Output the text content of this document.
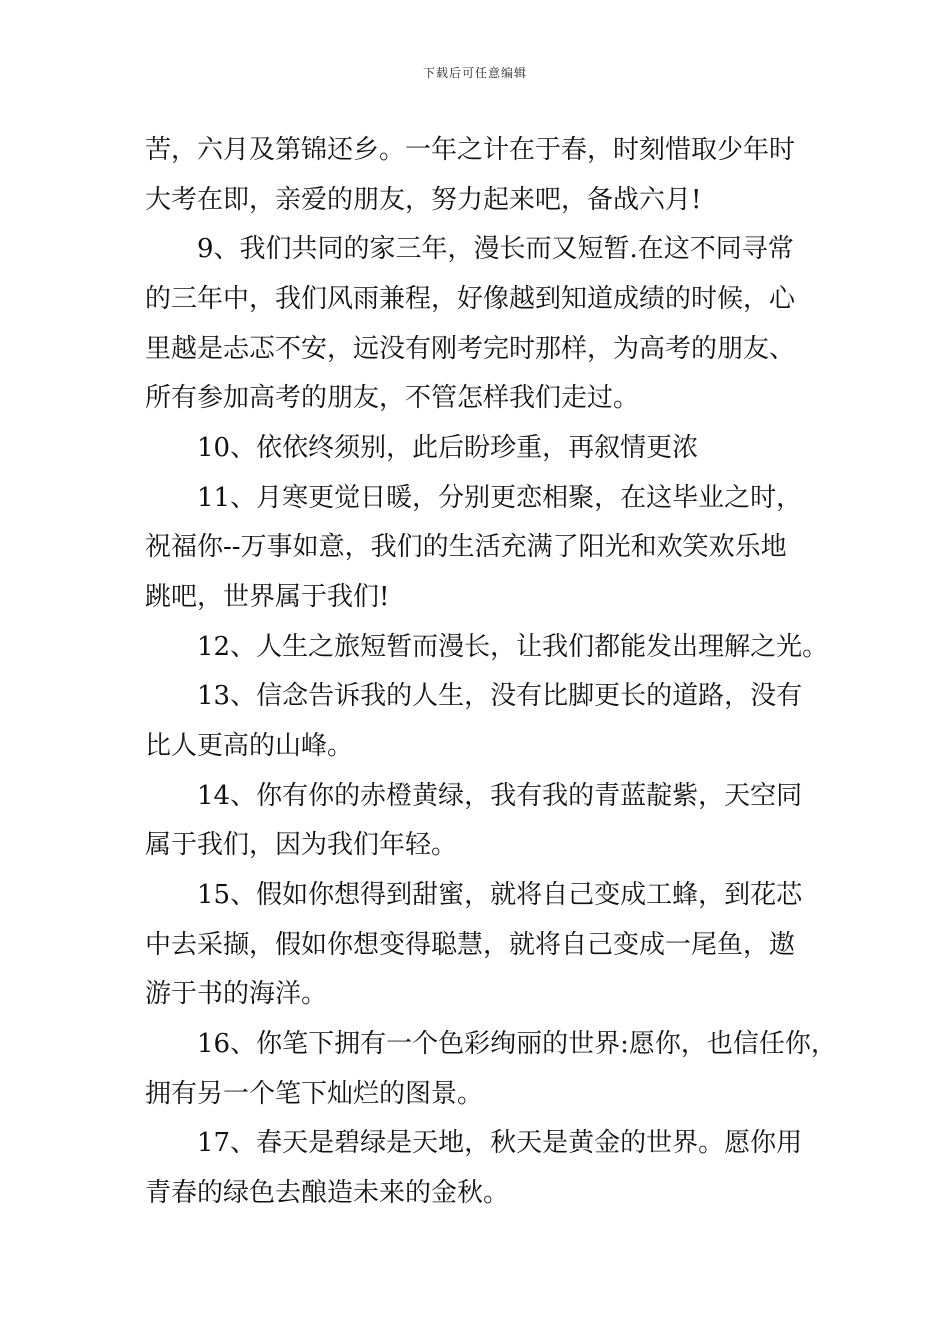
下载后可任意编辑
苦，六月及第锦还乡。一年之计在于春，时刻惜取少年时
大考在即，亲爱的朋友，努力起来吧，备战六月!
9、我们共同的家三年，漫长而又短暂.在这不同寻常
的三年中，我们风雨兼程，好像越到知道成绩的时候，心
里越是忐忑不安，远没有刚考完时那样，为高考的朋友、
所有参加高考的朋友，不管怎样我们走过。
10、依依终须别，此后盼珍重，再叙情更浓
11、月寒更觉日暖，分别更恋相聚，在这毕业之时，
祝福你--万事如意，我们的生活充满了阳光和欢笑欢乐地
跳吧，世界属于我们!
12、人生之旅短暂而漫长，让我们都能发出理解之光。
13、信念告诉我的人生，没有比脚更长的道路，没有
比人更高的山峰。
14、你有你的赤橙黄绿，我有我的青蓝靛紫，天空同
属于我们，因为我们年轻。
15、假如你想得到甜蜜，就将自己变成工蜂，到花芯
中去采撷，假如你想变得聪慧，就将自己变成一尾鱼，遨
游于书的海洋。
16、你笔下拥有一个色彩绚丽的世界:愿你，也信任你，
拥有另一个笔下灿烂的图景。
17、春天是碧绿是天地，秋天是黄金的世界。愿你用
青春的绿色去酿造未来的金秋。
